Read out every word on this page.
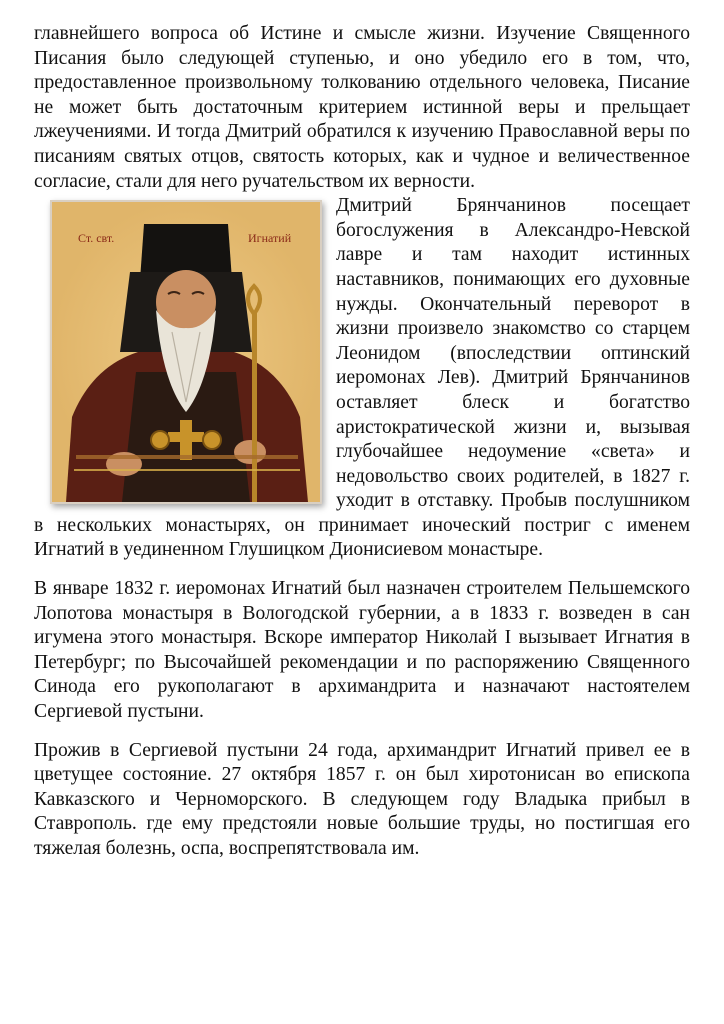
главнейшего вопроса об Истине и смысле жизни. Изучение Священного Писания было следующей ступенью, и оно убедило его в том, что, предоставленное произвольному толкованию отдельного человека, Писание не может быть достаточным критерием истинной веры и прельщает лжеучениями. И тогда Дмитрий обратился к изучению Православной веры по писаниям святых отцов, святость которых, как и чудное и величественное согласие, стали для него ручательством их верности.

Ст. свт.	Игнатий

Дмитрий Брянчанинов посещает богослужения в Александро-Невской лавре и там находит истинных наставников, понимающих его духовные нужды. Окончательный переворот в жизни произвело знакомство со старцем Леонидом (впоследствии оптинский иеромонах Лев). Дмитрий Брянчанинов оставляет блеск и богатство аристократической жизни и, вызывая глубочайшее недоумение «света» и недовольство своих родителей, в 1827 г. уходит в отставку. Пробыв послушником в нескольких монастырях, он принимает иноческий постриг с именем Игнатий в уединенном Глушицком Дионисиевом монастыре.

В январе 1832 г. иеромонах Игнатий был назначен строителем Пельшемского Лопотова монастыря в Вологодской губернии, а в 1833 г. возведен в сан игумена этого монастыря. Вскоре император Николай I вызывает Игнатия в Петербург; по Высочайшей рекомендации и по распоряжению Священного Синода его рукополагают в архимандрита и назначают настоятелем Сергиевой пустыни.

Прожив в Сергиевой пустыни 24 года, архимандрит Игнатий привел ее в цветущее состояние. 27 октября 1857 г. он был хиротонисан во епископа Кавказского и Черноморского. В следующем году Владыка прибыл в Ставрополь. где ему предстояли новые большие труды, но постигшая его тяжелая болезнь, оспа, воспрепятствовала им.
